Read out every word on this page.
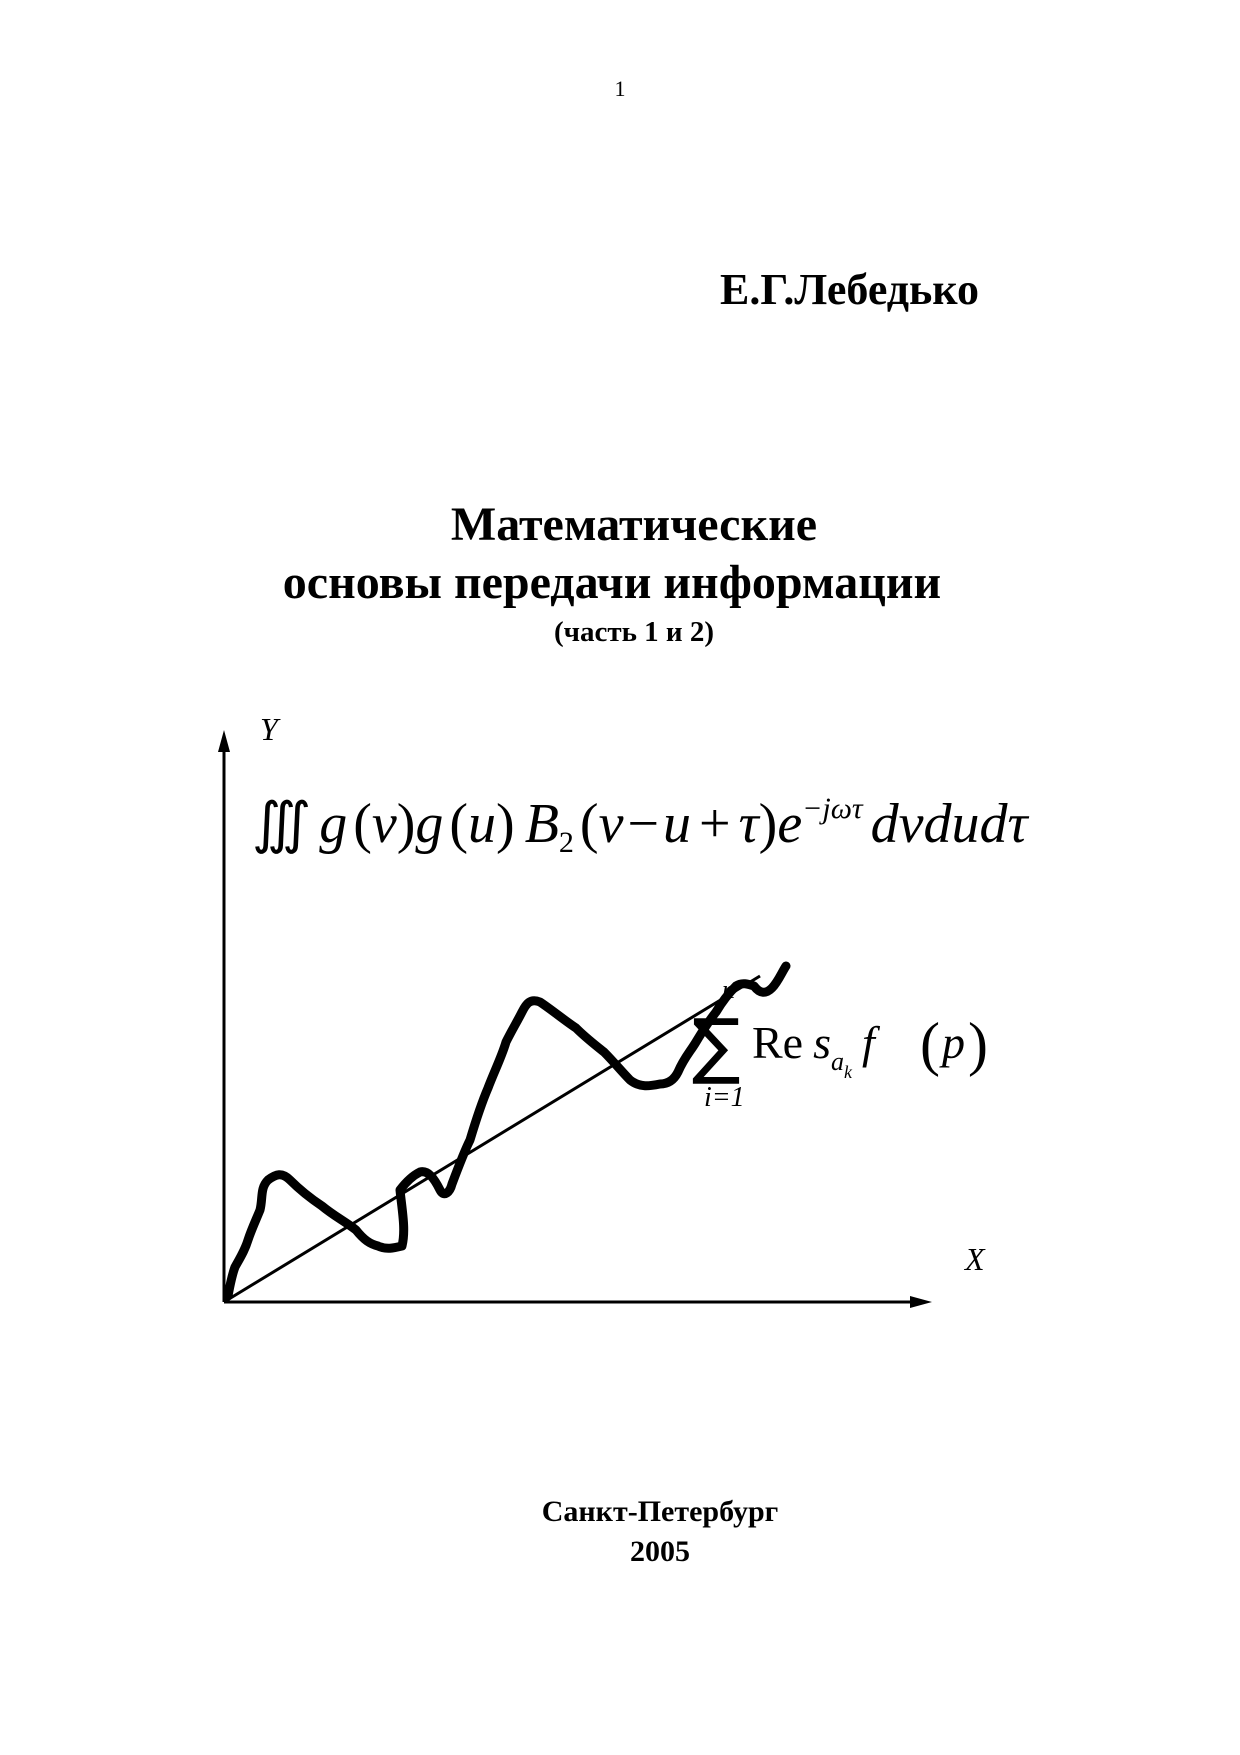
1
Е.Г.Лебедько
Математические
основы передачи информации
(часть 1 и 2)
Y
X
∭ g (v)g (u) B2 $(v-u + \tau)e^{-j\omega\tau}$ dvdudτ
n
∑
i=1
Re $s_akf$ ( p )
Санкт-Петербург
2005
